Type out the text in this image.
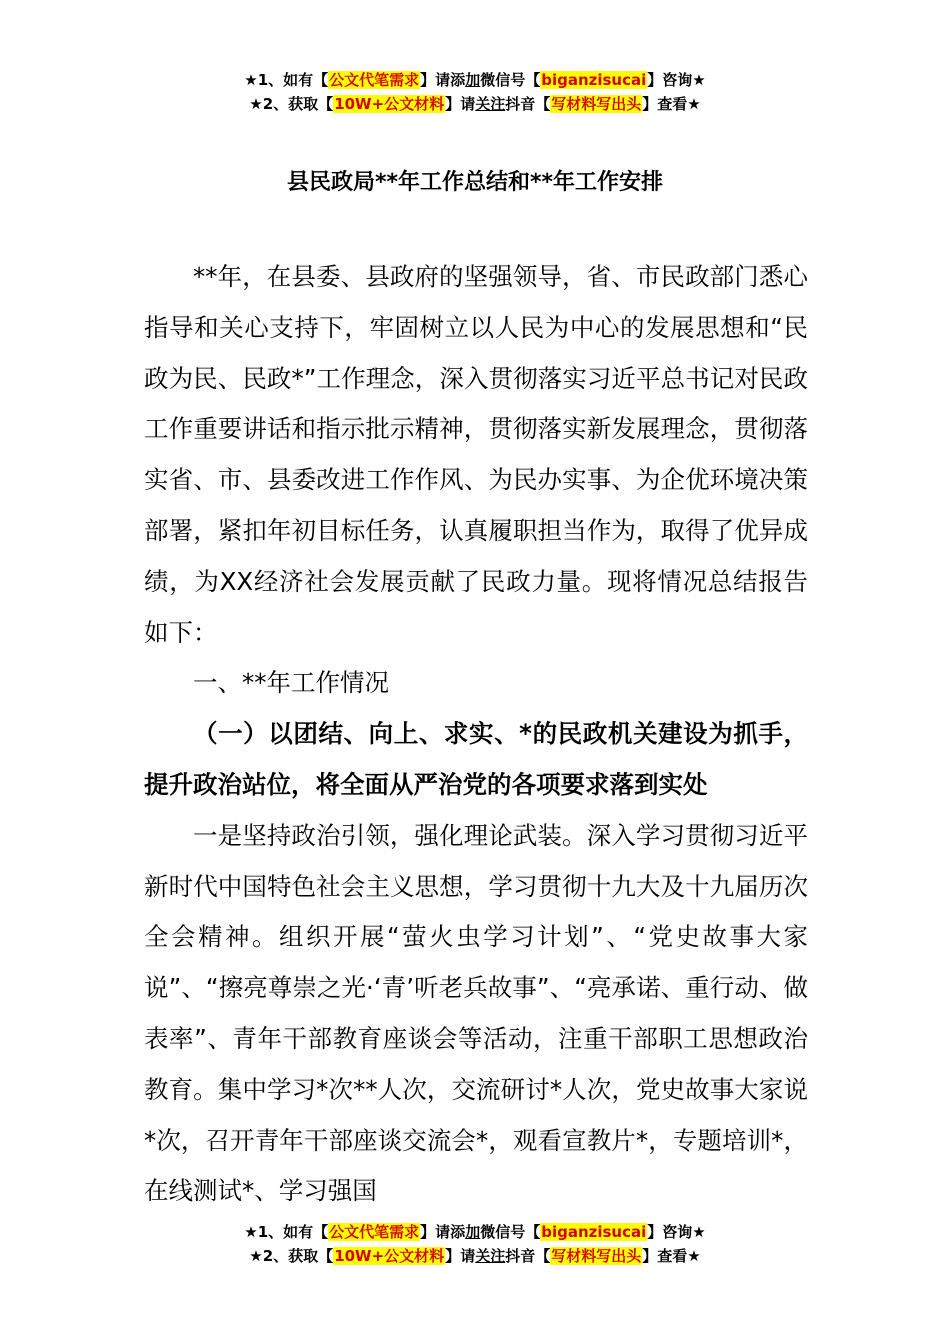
★1、如有【公文代笔需求】请添加微信号【biganzisucai】咨询★
★2、获取【10W+公文材料】请关注抖音【写材料写出头】查看★
县民政局**年工作总结和**年工作安排

**年，在县委、县政府的坚强领导，省、市民政部门悉心指导和关心支持下，牢固树立以人民为中心的发展思想和“民政为民、民政*”工作理念，深入贯彻落实习近平总书记对民政工作重要讲话和指示批示精神，贯彻落实新发展理念，贯彻落实省、市、县委改进工作作风、为民办实事、为企优环境决策部署，紧扣年初目标任务，认真履职担当作为，取得了优异成绩，为XX经济社会发展贡献了民政力量。现将情况总结报告如下：

一、**年工作情况

（一）以团结、向上、求实、*的民政机关建设为抓手，提升政治站位，将全面从严治党的各项要求落到实处

一是坚持政治引领，强化理论武装。深入学习贯彻习近平新时代中国特色社会主义思想，学习贯彻十九大及十九届历次全会精神。组织开展“萤火虫学习计划”、“党史故事大家说”、“擦亮尊崇之光·‘青’听老兵故事”、“亮承诺、重行动、做表率”、青年干部教育座谈会等活动，注重干部职工思想政治教育。集中学习*次**人次，交流研讨*人次，党史故事大家说*次，召开青年干部座谈交流会*，观看宣教片*，专题培训*，在线测试*、学习强国

★1、如有【公文代笔需求】请添加微信号【biganzisucai】咨询★
★2、获取【10W+公文材料】请关注抖音【写材料写出头】查看★
